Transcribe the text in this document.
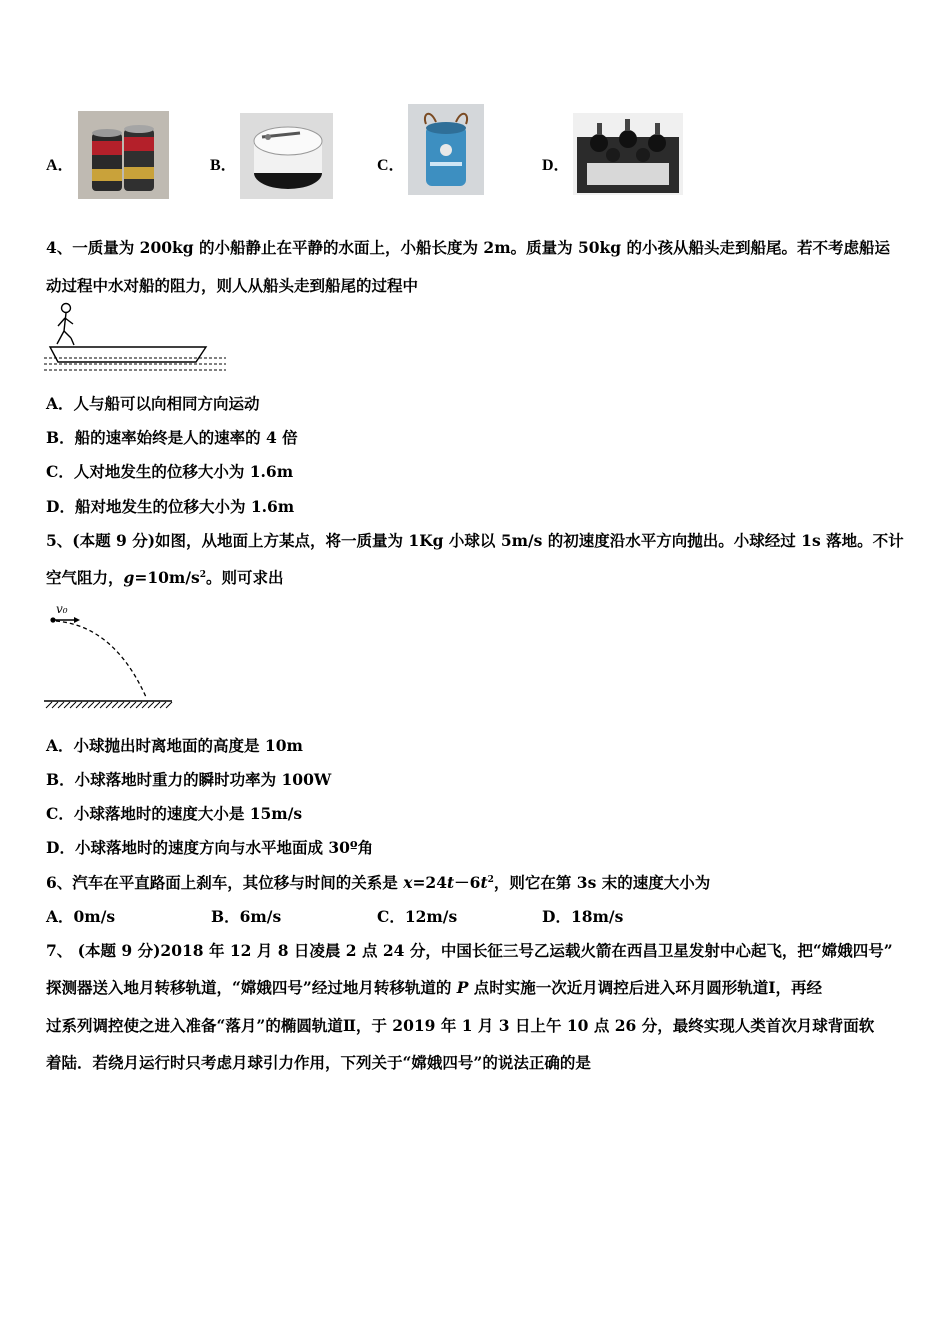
A．	B．	C．	D．
4、一质量为 200kg 的小船静止在平静的水面上，小船长度为 2m。质量为 50kg 的小孩从船头走到船尾。若不考虑船运
动过程中水对船的阻力，则人从船头走到船尾的过程中
A．人与船可以向相同方向运动
B．船的速率始终是人的速率的 4 倍
C．人对地发生的位移大小为 1.6m
D．船对地发生的位移大小为 1.6m
5、(本题 9 分)如图，从地面上方某点，将一质量为 1Kg 小球以 5m/s 的初速度沿水平方向抛出。小球经过 1s 落地。不计
空气阻力，$g=10m/s^2$。则可求出
v₀
A．小球抛出时离地面的高度是 10m
B．小球落地时重力的瞬时功率为 100W
C．小球落地时的速度大小是 15m/s
D．小球落地时的速度方向与水平地面成 30º角
6、汽车在平直路面上刹车，其位移与时间的关系是 $x=24t-6t^2$，则它在第 3s 末的速度大小为
A．0m/s	B．6m/s	C．12m/s	D．18m/s
7、 (本题 9 分)2018 年 12 月 8 日凌晨 2 点 24 分，中国长征三号乙运载火箭在西昌卫星发射中心起飞，把“嫦娥四号”
探测器送入地月转移轨道，“嫦娥四号”经过地月转移轨道的 P 点时实施一次近月调控后进入环月圆形轨道Ⅰ，再经
过系列调控使之进入准备“落月”的椭圆轨道Ⅱ，于 2019 年 1 月 3 日上午 10 点 26 分，最终实现人类首次月球背面软
着陆．若绕月运行时只考虑月球引力作用，下列关于“嫦娥四号”的说法正确的是
